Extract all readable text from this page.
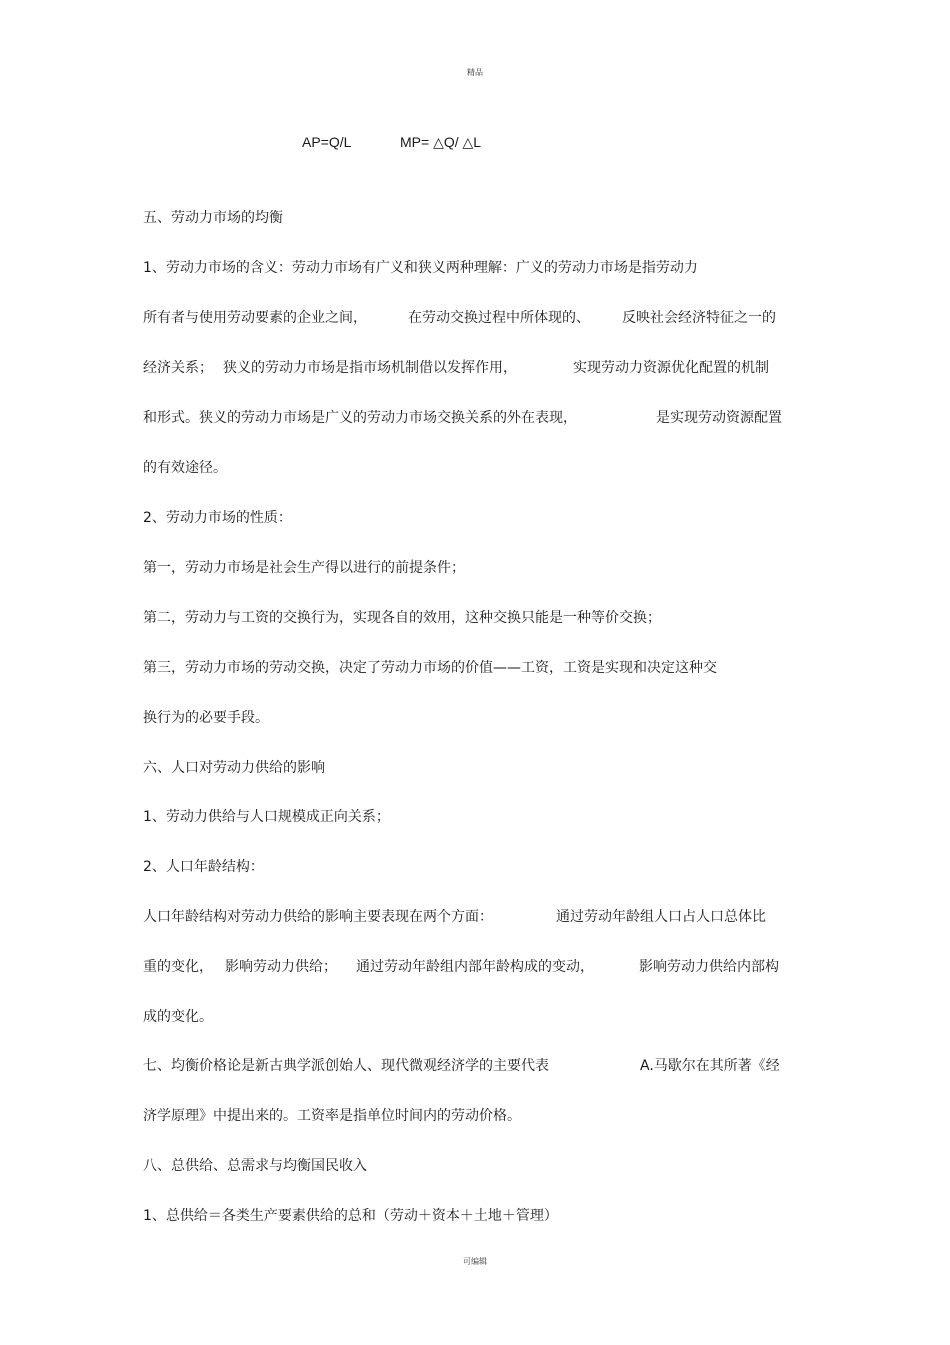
精品
AP=Q/L	MP= △Q/ △L
五、劳动力市场的均衡
1、劳动力市场的含义：劳动力市场有广义和狭义两种理解：广义的劳动力市场是指劳动力

所有者与使用劳动要素的企业之间，

	在劳动交换过程中所体现的、

反映社会经济特征之一的

经济关系；

狭义的劳动力市场是指市场机制借以发挥作用，

	实现劳动力资源优化配置的机制

和形式。狭义的劳动力市场是广义的劳动力市场交换关系的外在表现，

	是实现劳动资源配置

的有效途径。
2、劳动力市场的性质：
第一，劳动力市场是社会生产得以进行的前提条件；
第二，劳动力与工资的交换行为，实现各自的效用，这种交换只能是一种等价交换；
第三，劳动力市场的劳动交换，决定了劳动力市场的价值——工资，工资是实现和决定这种交
换行为的必要手段。
六、人口对劳动力供给的影响
1、劳动力供给与人口规模成正向关系；
2、人口年龄结构：

人口年龄结构对劳动力供给的影响主要表现在两个方面：

	通过劳动年龄组人口占人口总体比

重的变化，

影响劳动力供给；

通过劳动年龄组内部年龄构成的变动，

	影响劳动力供给内部构

成的变化。

七、均衡价格论是新古典学派创始人、现代微观经济学的主要代表

	A.马歇尔在其所著《经

济学原理》中提出来的。工资率是指单位时间内的劳动价格。
八、总供给、总需求与均衡国民收入
1、总供给＝各类生产要素供给的总和（劳动＋资本＋土地＋管理）
可编辑
